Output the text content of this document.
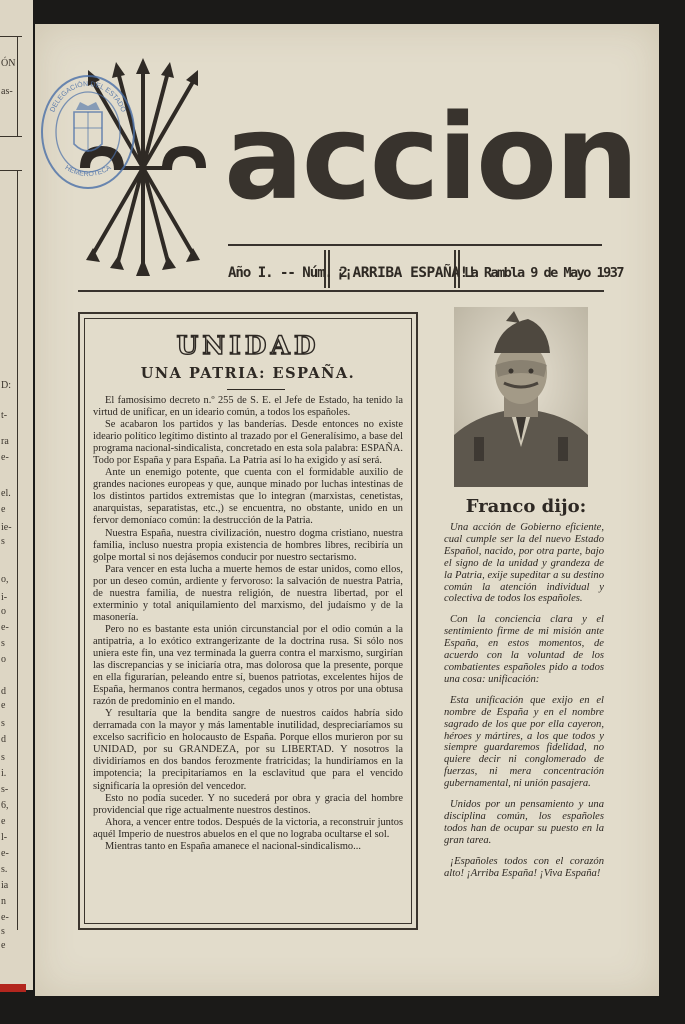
ÓN
as-
D:
t-
ra
e-
el.
e
ie-
s
o,
i-
o
e-
s
o
d
e
s
d
s
i.
s-
6,
e
l-
e-
s.
ia
n
e-
s
e
DELEGACIÓN DEL ESTADO
HEMEROTECA accion
Año I. -- Núm. 2
¡¡ARRIBA ESPAÑA!!
La Rambla 9 de Mayo 1937
UNIDAD
UNA PATRIA: ESPAÑA.

El famosísimo decreto n.º 255 de S. E. el Jefe de Estado, ha tenido la virtud de unificar, en un ideario común, a todos los españoles.

Se acabaron los partidos y las banderías. Desde entonces no existe ideario político legítimo distinto al trazado por el Generalísimo, a base del programa nacional-sindicalista, concretado en esta sola palabra: ESPAÑA. Todo por España y para España. La Patria así lo ha exigido y así será.

Ante un enemigo potente, que cuenta con el formidable auxilio de grandes naciones europeas y que, aunque minado por luchas intestinas de los distintos partidos extremistas que lo integran (marxistas, cenetistas, anarquistas, separatistas, etc.,) se encuentra, no obstante, unido en un fervor demoníaco común: la destrucción de la Patria.

Nuestra España, nuestra civilización, nuestro dogma cristiano, nuestra familia, incluso nuestra propia existencia de hombres libres, recibiría un golpe mortal si nos dejásemos conducir por nuestro sectarismo.

Para vencer en esta lucha a muerte hemos de estar unidos, como ellos, por un deseo común, ardiente y fervoroso: la salvación de nuestra Patria, de nuestra familia, de nuestra religión, de nuestra libertad, por el exterminio y total aniquilamiento del marxismo, del judaísmo y de la masonería.

Pero no es bastante esta unión circunstancial por el odio común a la antipatria, a lo exótico extrangerizante de la doctrina rusa. Si sólo nos uniera este fin, una vez terminada la guerra contra el marxismo, surgirían las discrepancias y se iniciaría otra, mas dolorosa que la presente, porque en ella figurarían, peleando entre sí, buenos patriotas, excelentes hijos de España, hermanos contra hermanos, cegados unos y otros por una obtusa razón de predominio en el mando.

Y resultaría que la bendita sangre de nuestros caídos habría sido derramada con la mayor y más lamentable inutilidad, despreciaríamos su excelso sacrificio en holocausto de España. Porque ellos murieron por su UNIDAD, por su GRANDEZA, por su LIBERTAD. Y nosotros la dividiríamos en dos bandos ferozmente fratricidas; la hundiríamos en la impotencia; la precipitaríamos en la esclavitud que para el vencido significaría la opresión del vencedor.

Esto no podía suceder. Y no sucederá por obra y gracia del hombre providencial que rige actualmente nuestros destinos.

Ahora, a vencer entre todos. Después de la victoria, a reconstruir juntos aquél Imperio de nuestros abuelos en el que no lograba ocultarse el sol.

Mientras tanto en España amanece el nacional-sindicalismo...

Franco dijo:

Una acción de Gobierno eficiente, cual cumple ser la del nuevo Estado Español, nacido, por otra parte, bajo el signo de la unidad y grandeza de la Patria, exije supeditar a su destino común la atención individual y colectiva de todos los españoles.

Con la conciencia clara y el sentimiento firme de mi misión ante España, en estos momentos, de acuerdo con la voluntad de los combatientes españoles pido a todos una cosa: unificación:

Esta unificación que exijo en el nombre de España y en el nombre sagrado de los que por ella cayeron, héroes y mártires, a los que todos y siempre guardaremos fidelidad, no quiere decir ni conglomerado de fuerzas, ni mera concentración gubernamental, ni unión pasajera.

Unidos por un pensamiento y una disciplina común, los españoles todos han de ocupar su puesto en la gran tarea.

¡Españoles todos con el corazón alto! ¡Arriba España! ¡Viva España!
